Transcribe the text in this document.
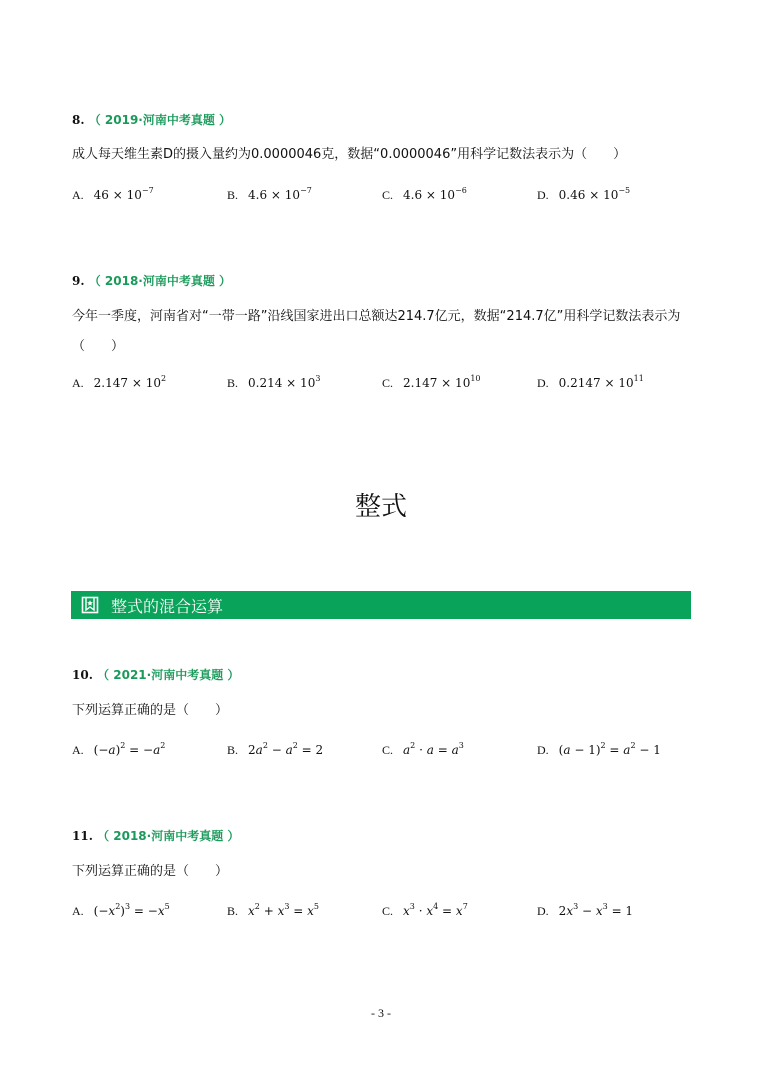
8. （ 2019·河南中考真题 ）
成人每天维生素D的摄入量约为0.0000046克，数据“0.0000046”用科学记数法表示为（　　）
A. $46 \times 10^{-7}$	B. $4.6 \times 10^{-7}$	C. $4.6 \times 10^{-6}$	D. $0.46 \times 10^{-5}$
9. （ 2018·河南中考真题 ）
今年一季度，河南省对“一带一路”沿线国家进出口总额达214.7亿元，数据“214.7亿”用科学记数法表示为（　　）
A. $2.147 \times 10^2$	B. $0.214 \times 10^3$	C. $2.147 \times 10^{10}$	D. $0.2147 \times 10^{11}$
整式
整式的混合运算
10. （ 2021·河南中考真题 ）
下列运算正确的是（　　）
A. $(-a)^2 = -a^2$	B. $2a^2 - a^2 = 2$	C. $a^2 \cdot a = a^3$	D. $(a - 1)^2 = a^2 - 1$
11. （ 2018·河南中考真题 ）
下列运算正确的是（　　）
A. $(-x^2)^3 = -x^5$	B. $x^2 + x^3 = x^5$	C. $x^3 \cdot x^4 = x^7$	D. $2x^3 - x^3 = 1$
- 3 -
